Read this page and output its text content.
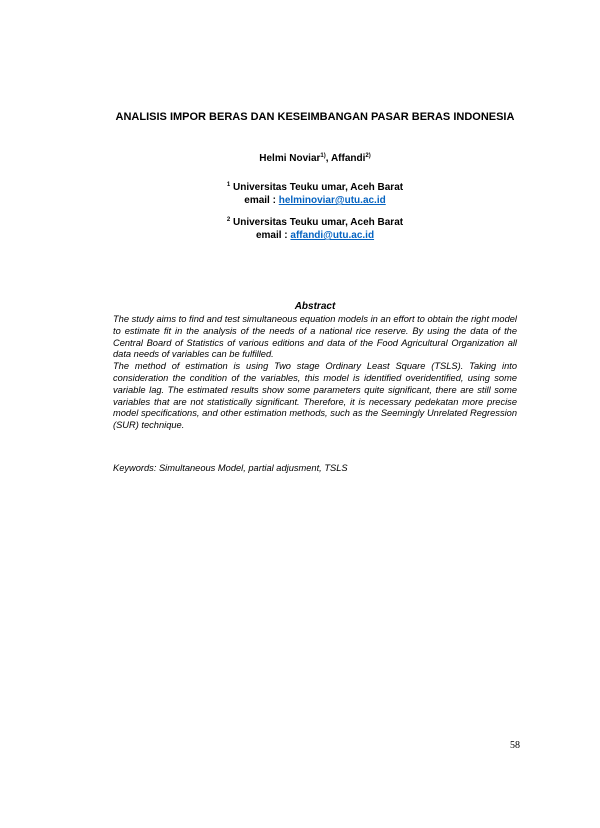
ANALISIS IMPOR BERAS DAN KESEIMBANGAN PASAR BERAS INDONESIA
Helmi Noviar$^{1)}$, Affandi$^{2)}$
$^1$ Universitas Teuku umar, Aceh Barat
email : helminoviar@utu.ac.id
$^2$ Universitas Teuku umar, Aceh Barat
email : affandi@utu.ac.id
Abstract

The study aims to find and test simultaneous equation models in an effort to obtain the right model to estimate fit in the analysis of the needs of a national rice reserve. By using the data of the Central Board of Statistics of various editions and data of the Food Agricultural Organization all data needs of variables can be fulfilled.

The method of estimation is using Two stage Ordinary Least Square (TSLS). Taking into consideration the condition of the variables, this model is identified overidentified, using some variable lag. The estimated results show some parameters quite significant, there are still some variables that are not statistically significant. Therefore, it is necessary pedekatan more precise model specifications, and other estimation methods, such as the Seemingly Unrelated Regression (SUR) technique.

Keywords: Simultaneous Model, partial adjusment, TSLS

58
